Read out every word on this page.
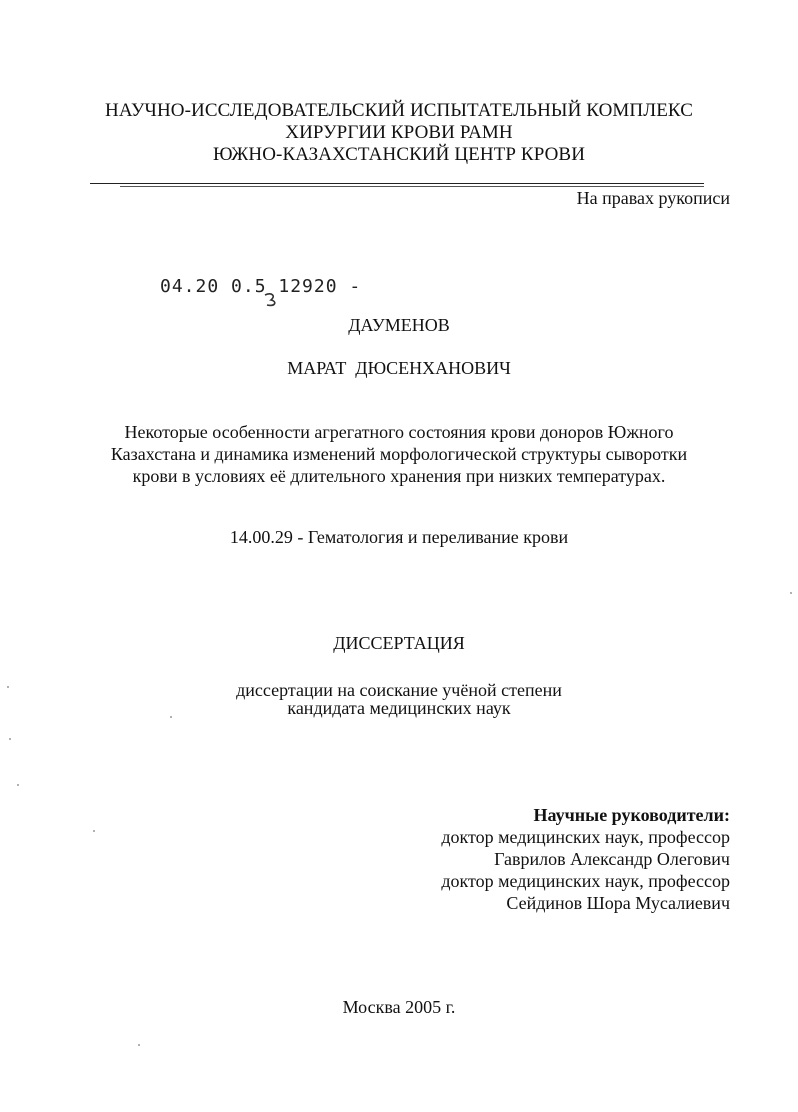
НАУЧНО-ИССЛЕДОВАТЕЛЬСКИЙ ИСПЫТАТЕЛЬНЫЙ КОМПЛЕКС
ХИРУРГИИ КРОВИ РАМН
ЮЖНО-КАЗАХСТАНСКИЙ ЦЕНТР КРОВИ
На правах рукописи
04.20 0.5 12920 -
ДАУМЕНОВ
МАРАТ  ДЮСЕНХАНОВИЧ
Некоторые особенности агрегатного состояния крови доноров Южного
Казахстана и динамика изменений морфологической структуры сыворотки
крови в условиях её длительного хранения при низких температурах.
14.00.29 - Гематология и переливание крови
ДИССЕРТАЦИЯ
диссертации на соискание учёной степени
кандидата медицинских наук
Научные руководители:
доктор медицинских наук, профессор
Гаврилов Александр Олегович
доктор медицинских наук, профессор
Сейдинов Шора Мусалиевич
Москва 2005 г.
